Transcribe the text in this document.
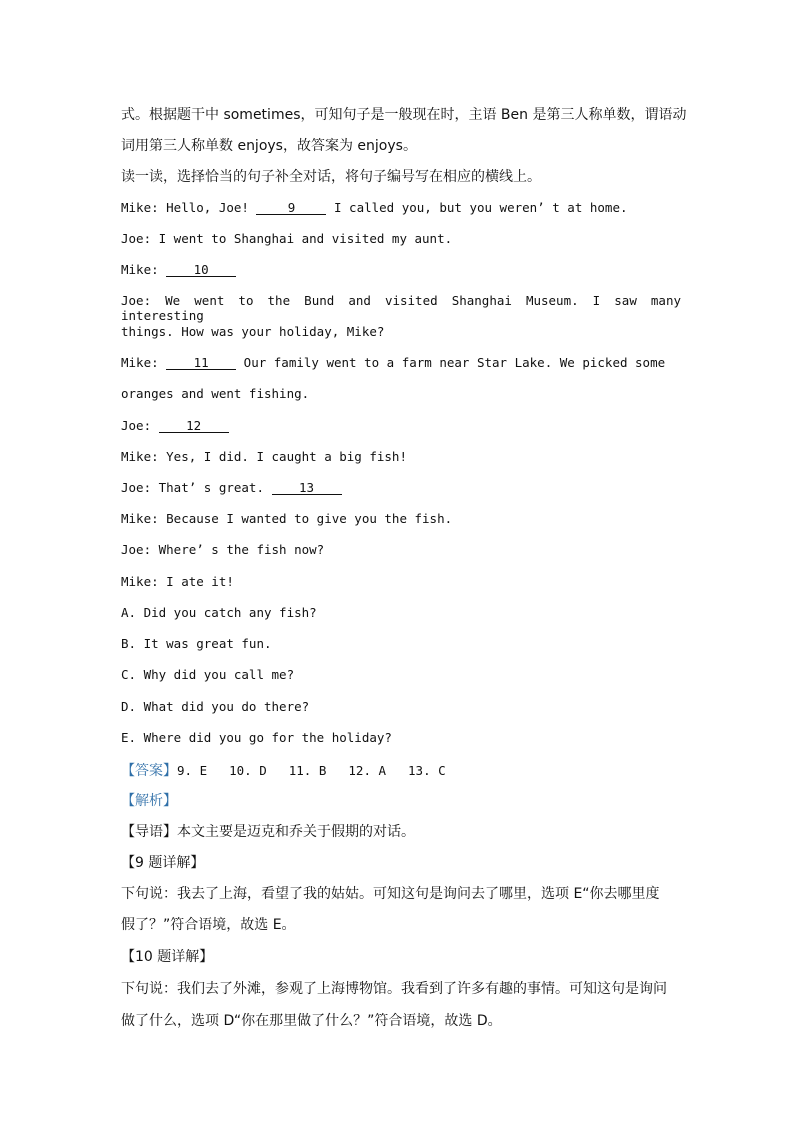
式。根据题干中 sometimes，可知句子是一般现在时，主语 Ben 是第三人称单数，谓语动
词用第三人称单数 enjoys，故答案为 enjoys。
读一读，选择恰当的句子补全对话，将句子编号写在相应的横线上。
Mike: Hello, Joe! 9 I called you, but you weren’ t at home.
Joe: I went to Shanghai and visited my aunt.
Mike: 10
Joe: We went to the Bund and visited Shanghai Museum. I saw many interesting
things. How was your holiday, Mike?
Mike: 11 Our family went to a farm near Star Lake. We picked some
oranges and went fishing.
Joe: 12
Mike: Yes, I did. I caught a big fish!
Joe: That’ s great. 13
Mike: Because I wanted to give you the fish.
Joe: Where’ s the fish now?
Mike: I ate it!
A. Did you catch any fish?
B. It was great fun.
C. Why did you call me?
D. What did you do there?
E. Where did you go for the holiday?
【答案】9. E 10. D 11. B 12. A 13. C
【解析】
【导语】本文主要是迈克和乔关于假期的对话。
【9 题详解】
下句说：我去了上海，看望了我的姑姑。可知这句是询问去了哪里，选项 E“你去哪里度
假了？”符合语境，故选 E。
【10 题详解】
下句说：我们去了外滩，参观了上海博物馆。我看到了许多有趣的事情。可知这句是询问
做了什么，选项 D“你在那里做了什么？”符合语境，故选 D。
